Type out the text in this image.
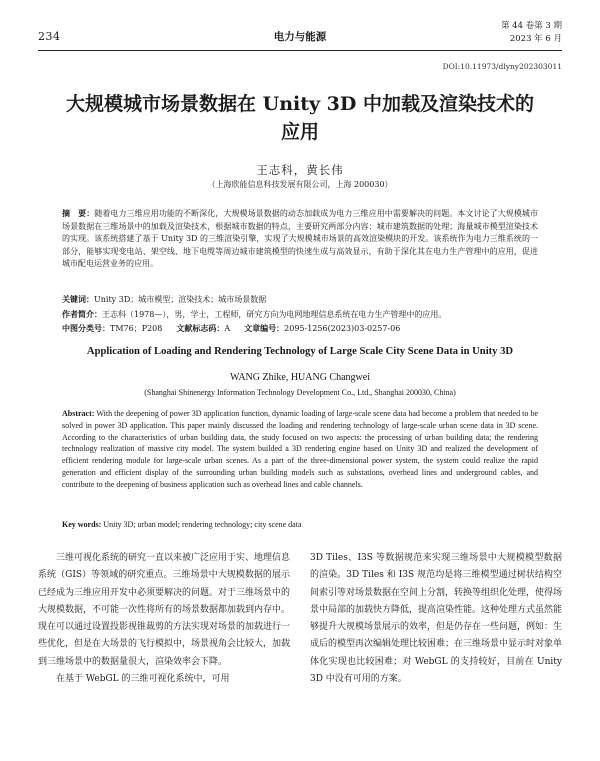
234	电力与能源
第 44 卷第 3 期
2023 年 6 月
DOI:10.11973/dlyny202303011
大规模城市场景数据在 Unity 3D 中加载及渲染技术的应用
王志科，黄长伟
（上海欣能信息科技发展有限公司，上海 200030）
摘　要：随着电力三维应用功能的不断深化，大规模场景数据的动态加载成为电力三维应用中需要解决的问题。本文讨论了大规模城市场景数据在三维场景中的加载及渲染技术，根据城市数据的特点，主要研究两部分内容：城市建筑数据的处理；海量城市模型渲染技术的实现。该系统搭建了基于 Unity 3D 的三维渲染引擎，实现了大规模城市场景的高效渲染模块的开发。该系统作为电力三维系统的一部分，能够实现变电站、架空线、地下电缆等周边城市建筑模型的快速生成与高效显示，有助于深化其在电力生产管理中的应用，促进城市配电运营业务的应用。
关键词：Unity 3D；城市模型；渲染技术；城市场景数据
作者简介：王志科（1978—），男，学士，工程师，研究方向为电网地理信息系统在电力生产管理中的应用。
中图分类号：TM76；P208 文献标志码：A 文章编号：2095-1256(2023)03-0257-06
Application of Loading and Rendering Technology of Large Scale City Scene Data in Unity 3D
WANG Zhike, HUANG Changwei
(Shanghai Shinenergy Information Technology Development Co., Ltd., Shanghai 200030, China)
Abstract: With the deepening of power 3D application function, dynamic loading of large-scale scene data had become a problem that needed to be solved in power 3D application. This paper mainly discussed the loading and rendering technology of large-scale urban scene data in 3D scene. According to the characteristics of urban building data, the study focused on two aspects: the processing of urban building data; the rendering technology realization of massive city model. The system builded a 3D rendering engine based on Unity 3D and realized the development of efficient rendering module for large-scale urban scenes. As a part of the three-dimensional power system, the system could realize the rapid generation and efficient display of the surrounding urban building models such as substations, overhead lines and underground cables, and contribute to the deepening of business application such as overhead lines and cable channels.
Key words: Unity 3D; urban model; rendering technology; city scene data

三维可视化系统的研究一直以来被广泛应用于实、地理信息系统（GIS）等领域的研究重点。三维场景中大规模数据的展示已经成为三维应用开发中必须要解决的问题。对于三维场景中的大规模数据，不可能一次性将所有的场景数据都加载到内存中。现在可以通过设置投影视锥裁剪的方法实现对场景的加载进行一些优化，但是在大场景的飞行模拟中，场景视角会比较大，加载到三维场景中的数据量很大，渲染效率会下降。

在基于 WebGL 的三维可视化系统中，可用

3D Tiles、I3S 等数据规范来实现三维场景中大规模模型数据的渲染。3D Tiles 和 I3S 规范均是将三维模型通过树状结构空间索引等对场景数据在空间上分割，转换等组织化处理，使得场景中局部的加载快方降低，提高渲染性能。这种处理方式虽然能够提升大规模场景展示的效率，但是仍存在一些问题，例如：生成后的模型再次编辑处理比较困难；在三维场景中显示时对象单体化实现也比较困难；对 WebGL 的支持较好，目前在 Unity 3D 中没有可用的方案。
